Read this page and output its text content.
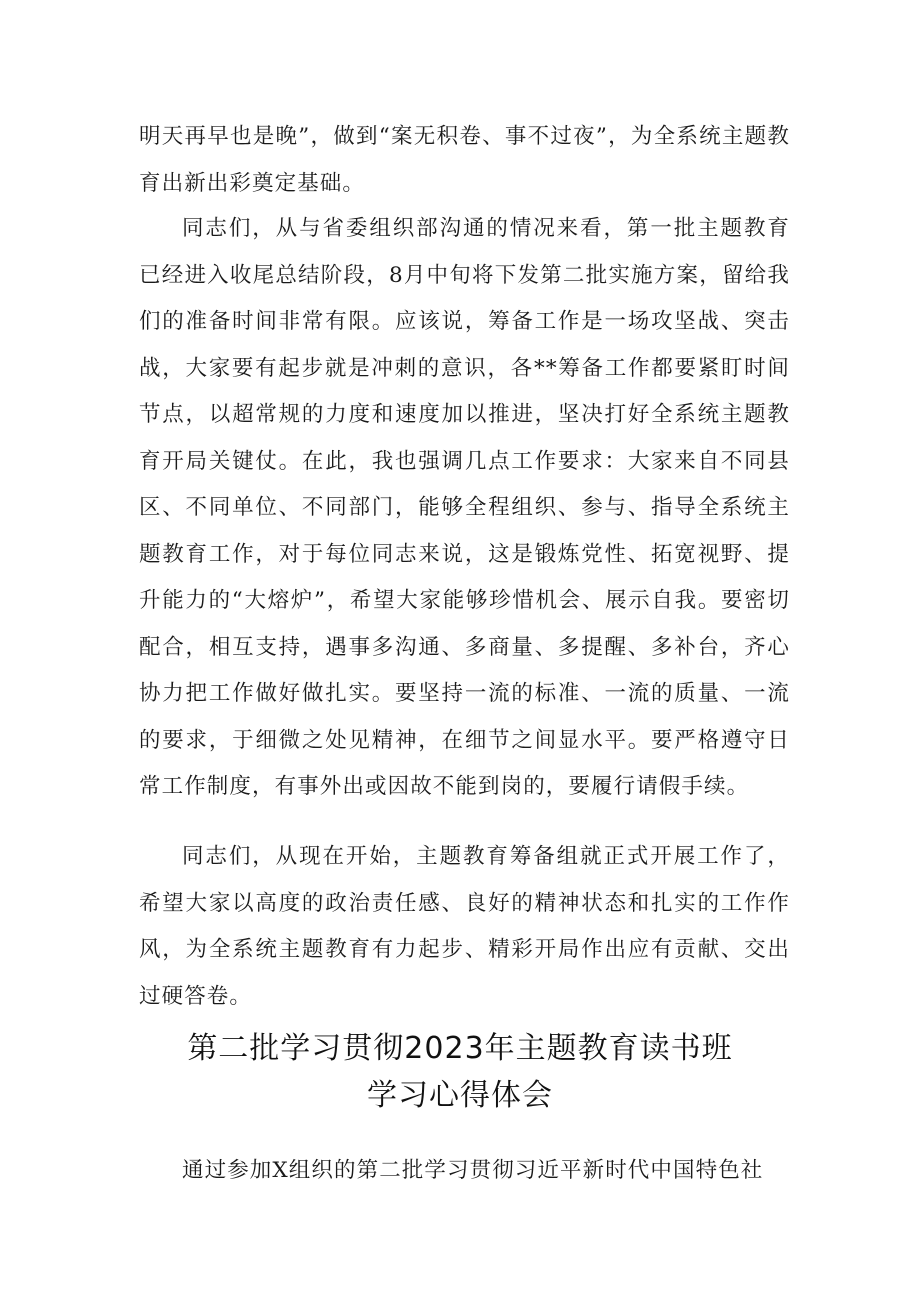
明天再早也是晚”，做到“案无积卷、事不过夜”，为全系统主题教育出新出彩奠定基础。

同志们，从与省委组织部沟通的情况来看，第一批主题教育已经进入收尾总结阶段，8月中旬将下发第二批实施方案，留给我们的准备时间非常有限。应该说，筹备工作是一场攻坚战、突击战，大家要有起步就是冲刺的意识，各**筹备工作都要紧盯时间节点，以超常规的力度和速度加以推进，坚决打好全系统主题教育开局关键仗。在此，我也强调几点工作要求：大家来自不同县区、不同单位、不同部门，能够全程组织、参与、指导全系统主题教育工作，对于每位同志来说，这是锻炼党性、拓宽视野、提升能力的“大熔炉”，希望大家能够珍惜机会、展示自我。要密切配合，相互支持，遇事多沟通、多商量、多提醒、多补台，齐心协力把工作做好做扎实。要坚持一流的标准、一流的质量、一流的要求，于细微之处见精神，在细节之间显水平。要严格遵守日常工作制度，有事外出或因故不能到岗的，要履行请假手续。

同志们，从现在开始，主题教育筹备组就正式开展工作了，希望大家以高度的政治责任感、良好的精神状态和扎实的工作作风，为全系统主题教育有力起步、精彩开局作出应有贡献、交出过硬答卷。

第二批学习贯彻2023年主题教育读书班
学习心得体会

通过参加X组织的第二批学习贯彻习近平新时代中国特色社
